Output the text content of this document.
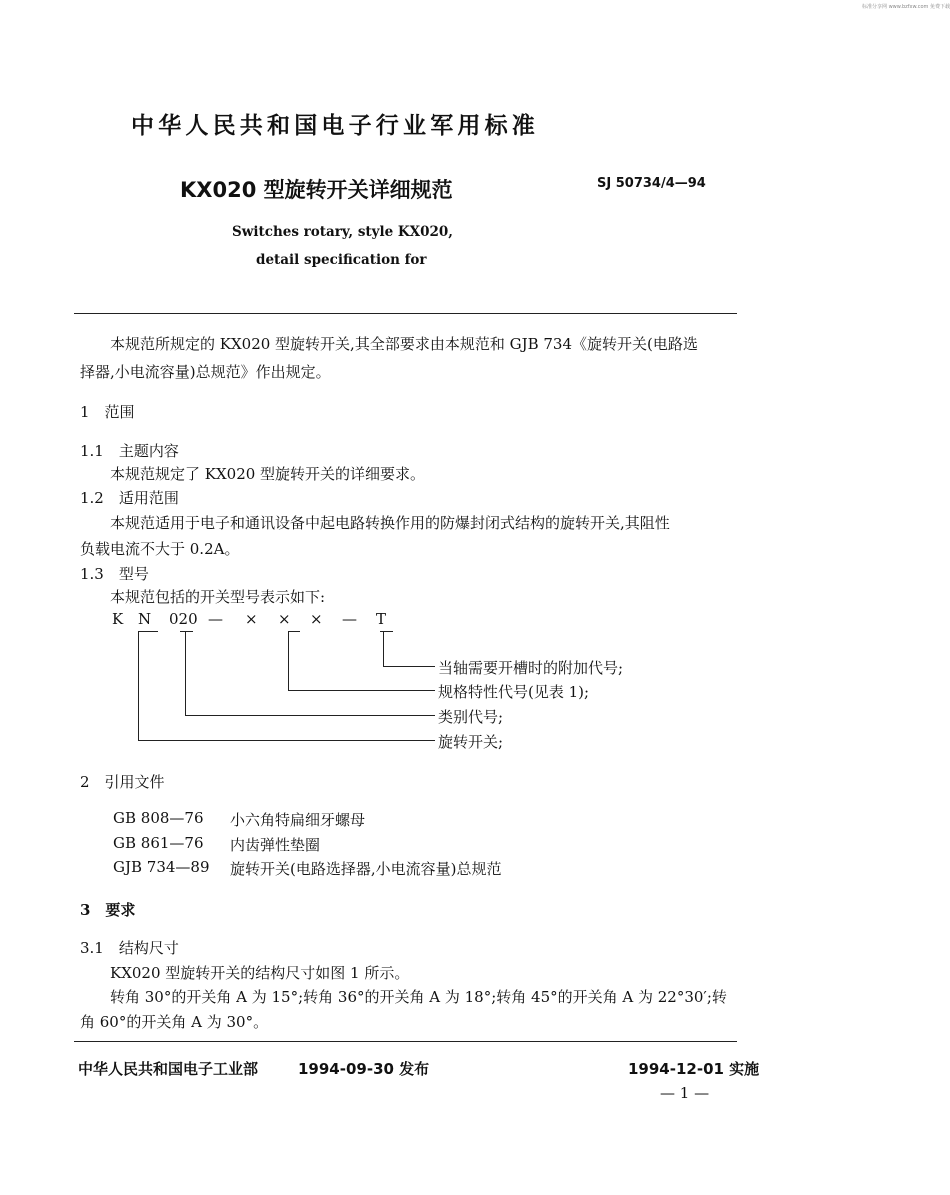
标准分享网 www.bzfxw.com 免费下载
中华人民共和国电子行业军用标准
KX020 型旋转开关详细规范	SJ 50734/4—94
Switches rotary, style KX020,
detail specification for
本规范所规定的 KX020 型旋转开关,其全部要求由本规范和 GJB 734《旋转开关(电路选
择器,小电流容量)总规范》作出规定。
1　范围
1.1　主题内容
本规范规定了 KX020 型旋转开关的详细要求。
1.2　适用范围
本规范适用于电子和通讯设备中起电路转换作用的防爆封闭式结构的旋转开关,其阻性
负载电流不大于 0.2A。
1.3　型号
本规范包括的开关型号表示如下:
K N 020 — × × × — T
当轴需要开槽时的附加代号;
规格特性代号(见表 1);
类别代号;
旋转开关;
2　引用文件
GB 808—76 小六角特扁细牙螺母
GB 861—76 内齿弹性垫圈
GJB 734—89 旋转开关(电路选择器,小电流容量)总规范
3　要求
3.1　结构尺寸
KX020 型旋转开关的结构尺寸如图 1 所示。
转角 30°的开关角 A 为 15°;转角 36°的开关角 A 为 18°;转角 45°的开关角 A 为 22°30′;转
角 60°的开关角 A 为 30°。
中华人民共和国电子工业部	1994-09-30 发布	1994-12-01 实施
— 1 —
